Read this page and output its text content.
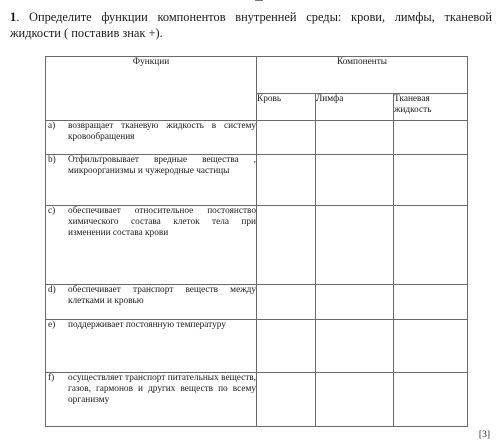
1. Определите функции компонентов внутренней среды: крови, лимфы, тканевой жидкости ( поставив знак +).
Функции	Компоненты		
	Кровь	Лимфа	Тканевая жидкость

a) возвращает тканевую жидкость в систему кровообращения			

b) Отфильтровывает вредные вещества , микроорганизмы и чужеродные частицы			

c) обеспечивает относительное постоянство химического состава клеток тела при изменении состава крови			

d) обеспечивает транспорт веществ между клетками и кровью			

e) поддерживает постоянную температуру			

f) осуществляет транспорт питательных веществ, газов, гармонов и других веществ по всему организму			

[3]
